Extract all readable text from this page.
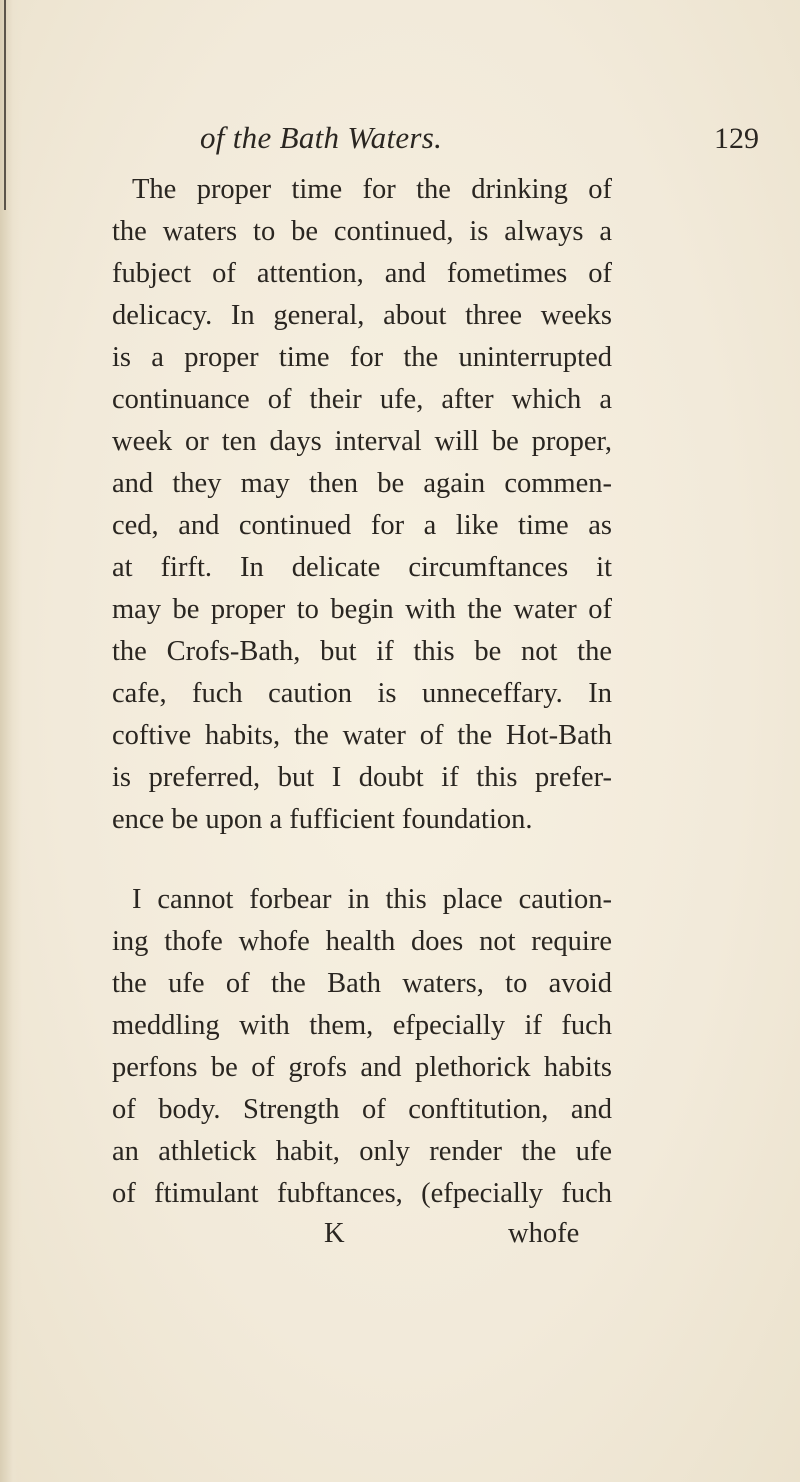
of the Bath Waters.	129
The proper time for the drinking of
the waters to be continued, is always a
fubject of attention, and fometimes of
delicacy. In general, about three weeks
is a proper time for the uninterrupted
continuance of their ufe, after which a
week or ten days interval will be proper,
and they may then be again commen-
ced, and continued for a like time as
at firft. In delicate circumftances it
may be proper to begin with the water of
the Crofs-Bath, but if this be not the
cafe, fuch caution is unneceffary. In
coftive habits, the water of the Hot-Bath
is preferred, but I doubt if this prefer-
ence be upon a fufficient foundation.
I cannot forbear in this place caution-
ing thofe whofe health does not require
the ufe of the Bath waters, to avoid
meddling with them, efpecially if fuch
perfons be of grofs and plethorick habits
of body. Strength of conftitution, and
an athletick habit, only render the ufe
of ftimulant fubftances, (efpecially fuch
K	whofe
